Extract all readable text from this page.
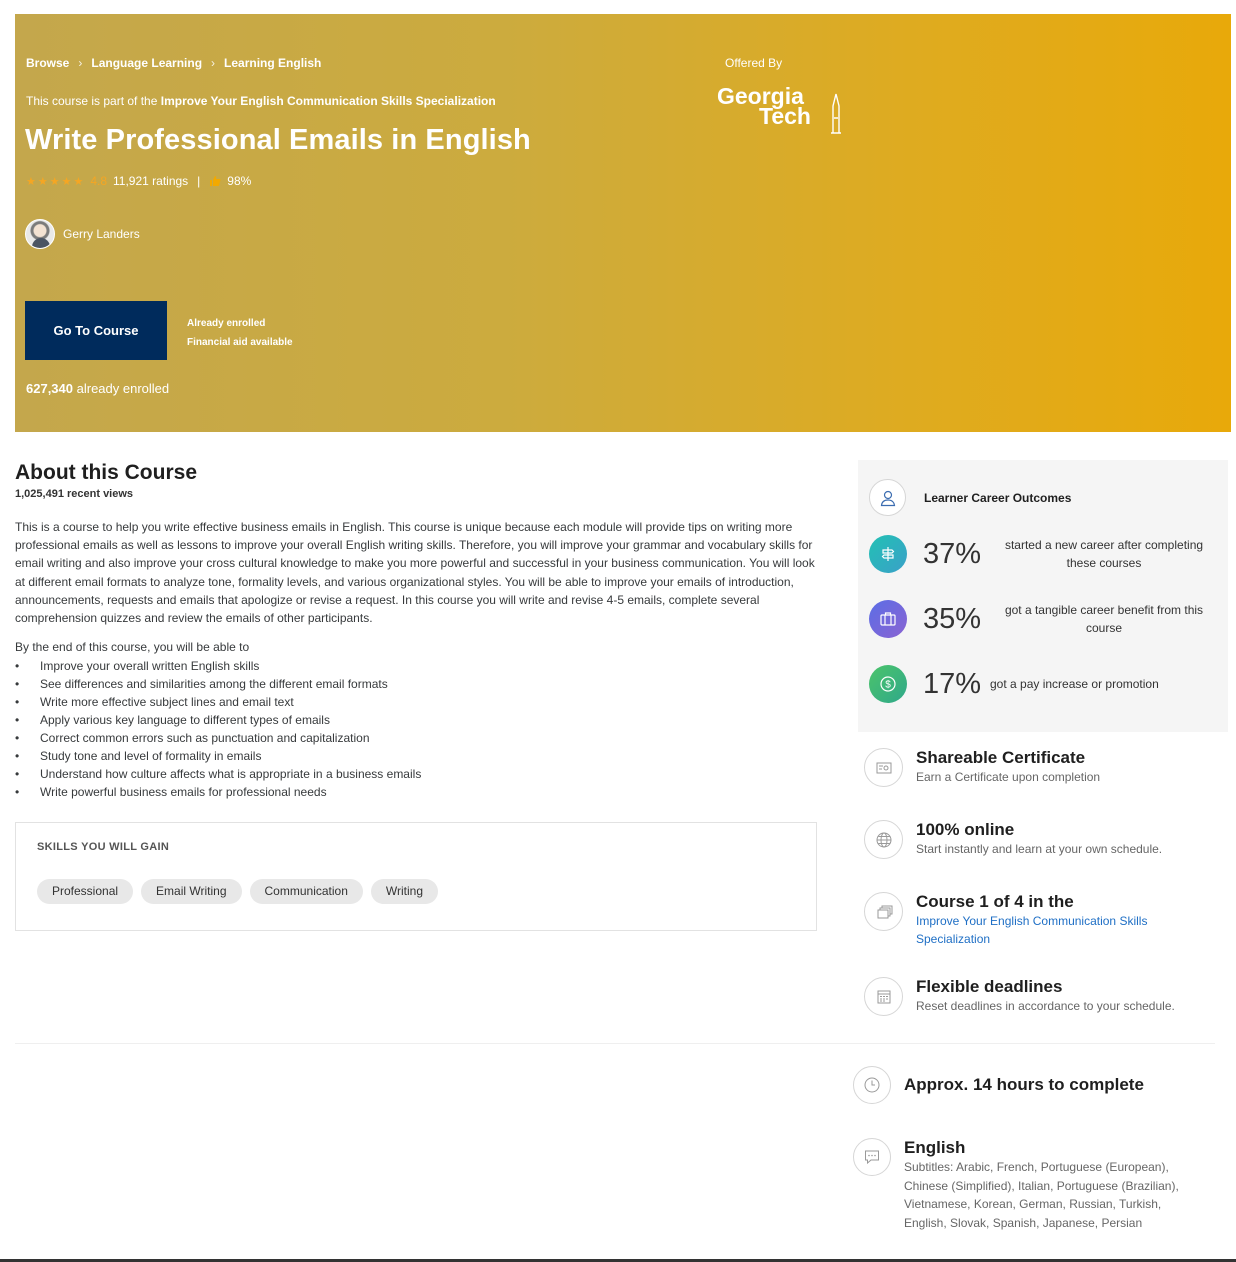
Browse › Language Learning › Learning English
This course is part of the Improve Your English Communication Skills Specialization
Write Professional Emails in English
★★★★★ 4.8 11,921 ratings | 98%
Gerry Landers
Go To Course	Already enrolled
Financial aid available
627,340 already enrolled
Offered By
Georgia
Tech
About this Course
1,025,491 recent views

This is a course to help you write effective business emails in English. This course is unique because each module will provide tips on writing more professional emails as well as lessons to improve your overall English writing skills. Therefore, you will improve your grammar and vocabulary skills for email writing and also improve your cross cultural knowledge to make you more powerful and successful in your business communication. You will look at different email formats to analyze tone, formality levels, and various organizational styles. You will be able to improve your emails of introduction, announcements, requests and emails that apologize or revise a request. In this course you will write and revise 4-5 emails, complete several comprehension quizzes and review the emails of other participants.

By the end of this course, you will be able to
• Improve your overall written English skills
• See differences and similarities among the different email formats
• Write more effective subject lines and email text
• Apply various key language to different types of emails
• Correct common errors such as punctuation and capitalization
• Study tone and level of formality in emails
• Understand how culture affects what is appropriate in a business emails
• Write powerful business emails for professional needs
SKILLS YOU WILL GAIN
Professional	Email Writing	Communication	Writing
Learner Career Outcomes
37%	started a new career after completing these courses
35%	got a tangible career benefit from this course
$ 17% got a pay increase or promotion
Shareable Certificate
Earn a Certificate upon completion
100% online
Start instantly and learn at your own schedule.
Course 1 of 4 in the
Improve Your English Communication Skills Specialization
Flexible deadlines
Reset deadlines in accordance to your schedule.
Approx. 14 hours to complete
English
Subtitles: Arabic, French, Portuguese (European), Chinese (Simplified), Italian, Portuguese (Brazilian), Vietnamese, Korean, German, Russian, Turkish, English, Slovak, Spanish, Japanese, Persian
